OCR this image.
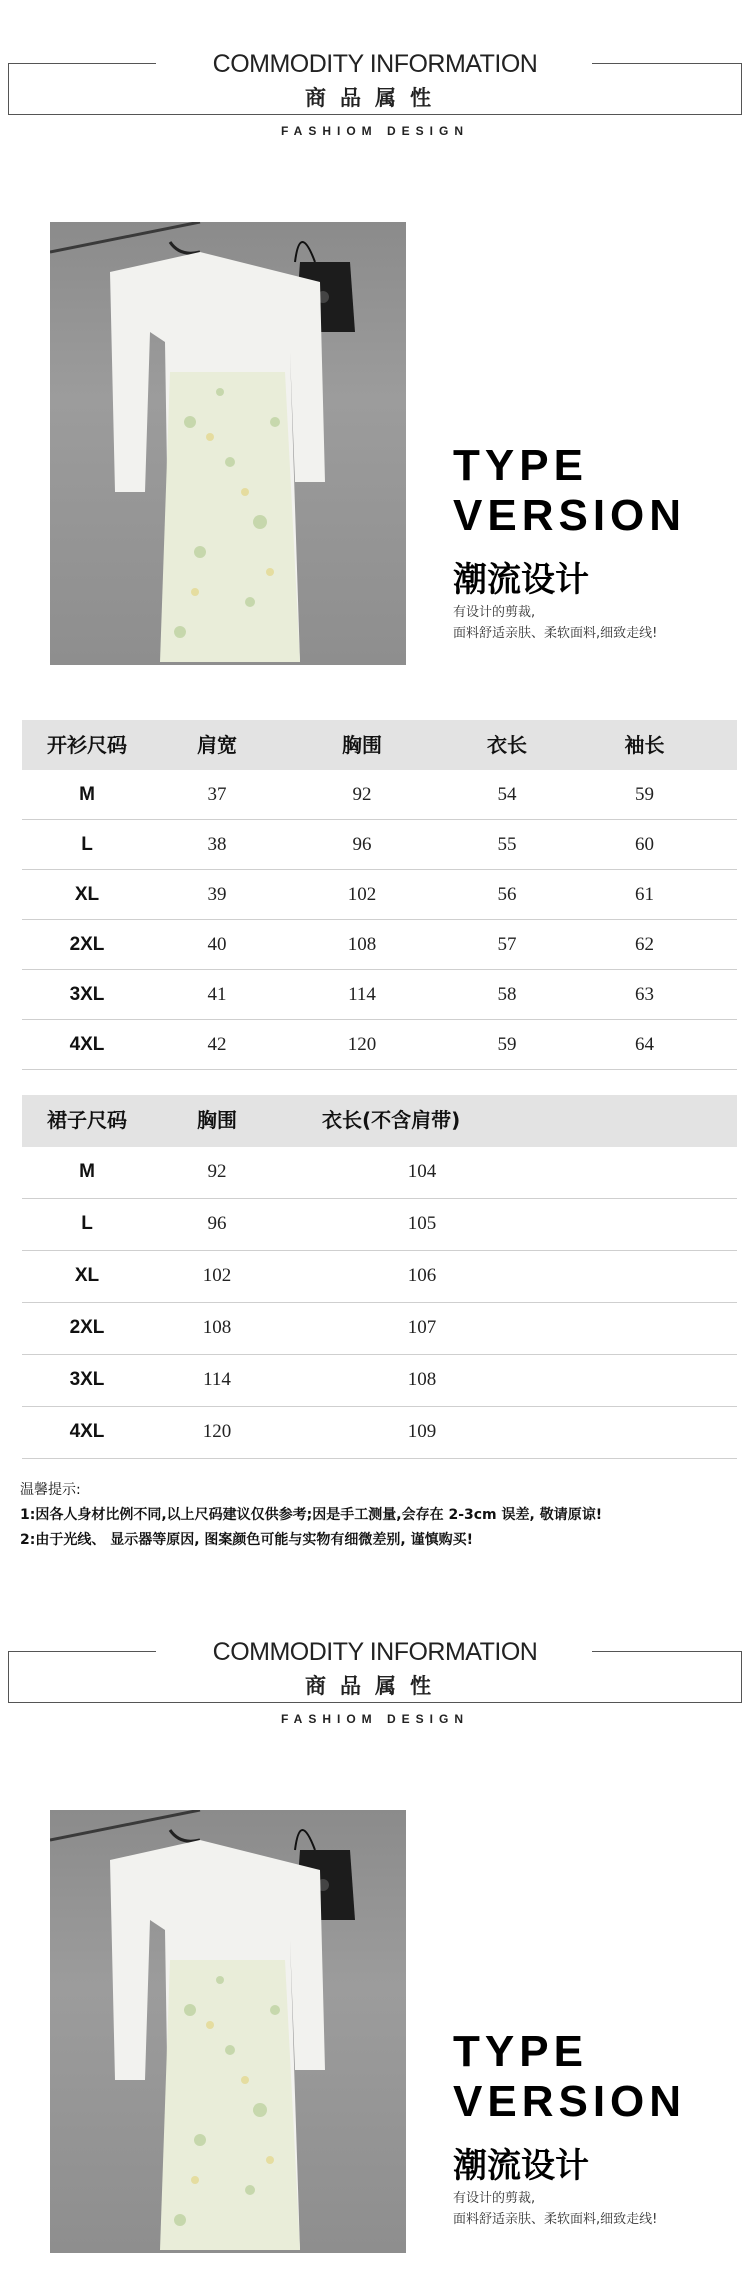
COMMODITY INFORMATION
商品属性
FASHIOM DESIGN
TYPE
VERSION
潮流设计
有设计的剪裁,
面料舒适亲肤、柔软面料,细致走线!
开衫尺码	肩宽	胸围	衣长	袖长
M	37	92	54	59
L	38	96	55	60
XL	39	102	56	61
2XL	40	108	57	62
3XL	41	114	58	63
4XL	42	120	59	64
裙子尺码	胸围	衣长(不含肩带)
M	92	104
L	96	105
XL	102	106
2XL	108	107
3XL	114	108
4XL	120	109
温馨提示:
1:因各人身材比例不同,以上尺码建议仅供参考;因是手工测量,会存在 2-3cm 误差, 敬请原谅!
2:由于光线、 显示器等原因, 图案颜色可能与实物有细微差别, 谨慎购买!
COMMODITY INFORMATION
商品属性
FASHIOM DESIGN
TYPE
VERSION
潮流设计
有设计的剪裁,
面料舒适亲肤、柔软面料,细致走线!
